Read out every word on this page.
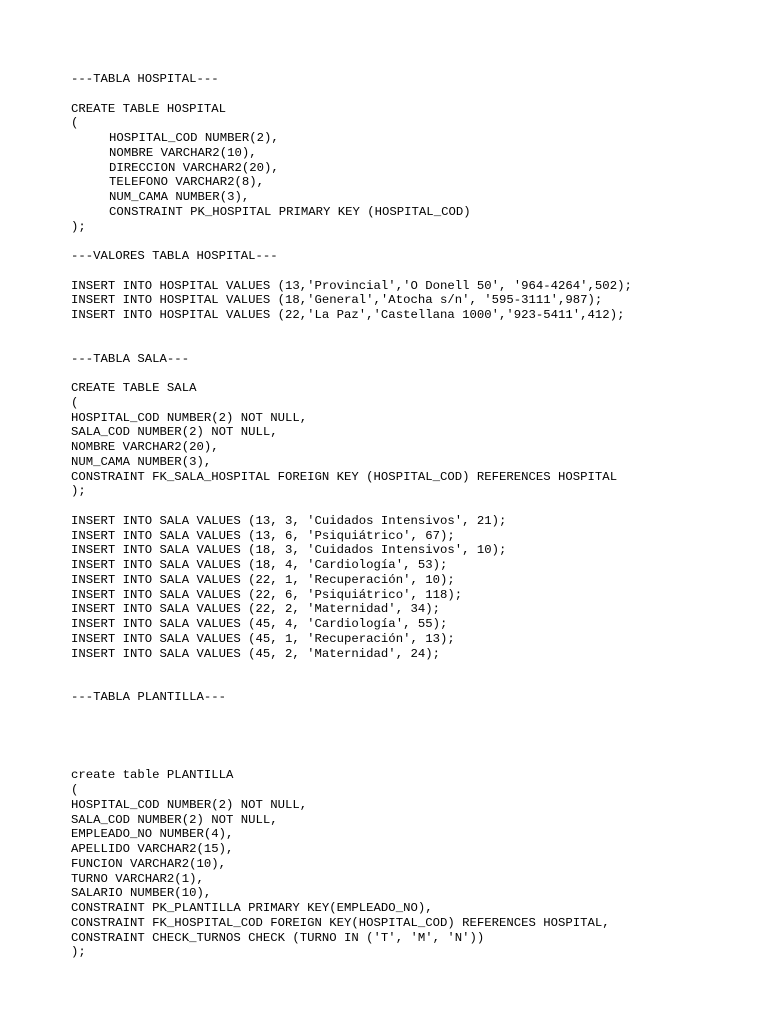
---TABLA HOSPITAL---
CREATE TABLE HOSPITAL
(
HOSPITAL_COD NUMBER(2),
NOMBRE VARCHAR2(10),
DIRECCION VARCHAR2(20),
TELEFONO VARCHAR2(8),
NUM_CAMA NUMBER(3),
CONSTRAINT PK_HOSPITAL PRIMARY KEY (HOSPITAL_COD)
);
---VALORES TABLA HOSPITAL---
INSERT INTO HOSPITAL VALUES (13,'Provincial','O Donell 50', '964-4264',502);
INSERT INTO HOSPITAL VALUES (18,'General','Atocha s/n', '595-3111',987);
INSERT INTO HOSPITAL VALUES (22,'La Paz','Castellana 1000','923-5411',412);
---TABLA SALA---
CREATE TABLE SALA
(
HOSPITAL_COD NUMBER(2) NOT NULL,
SALA_COD NUMBER(2) NOT NULL,
NOMBRE VARCHAR2(20),
NUM_CAMA NUMBER(3),
CONSTRAINT FK_SALA_HOSPITAL FOREIGN KEY (HOSPITAL_COD) REFERENCES HOSPITAL
);
INSERT INTO SALA VALUES (13, 3, 'Cuidados Intensivos', 21);
INSERT INTO SALA VALUES (13, 6, 'Psiquiátrico', 67);
INSERT INTO SALA VALUES (18, 3, 'Cuidados Intensivos', 10);
INSERT INTO SALA VALUES (18, 4, 'Cardiología', 53);
INSERT INTO SALA VALUES (22, 1, 'Recuperación', 10);
INSERT INTO SALA VALUES (22, 6, 'Psiquiátrico', 118);
INSERT INTO SALA VALUES (22, 2, 'Maternidad', 34);
INSERT INTO SALA VALUES (45, 4, 'Cardiología', 55);
INSERT INTO SALA VALUES (45, 1, 'Recuperación', 13);
INSERT INTO SALA VALUES (45, 2, 'Maternidad', 24);
---TABLA PLANTILLA---
create table PLANTILLA
(
HOSPITAL_COD NUMBER(2) NOT NULL,
SALA_COD NUMBER(2) NOT NULL,
EMPLEADO_NO NUMBER(4),
APELLIDO VARCHAR2(15),
FUNCION VARCHAR2(10),
TURNO VARCHAR2(1),
SALARIO NUMBER(10),
CONSTRAINT PK_PLANTILLA PRIMARY KEY(EMPLEADO_NO),
CONSTRAINT FK_HOSPITAL_COD FOREIGN KEY(HOSPITAL_COD) REFERENCES HOSPITAL,
CONSTRAINT CHECK_TURNOS CHECK (TURNO IN ('T', 'M', 'N'))
);
